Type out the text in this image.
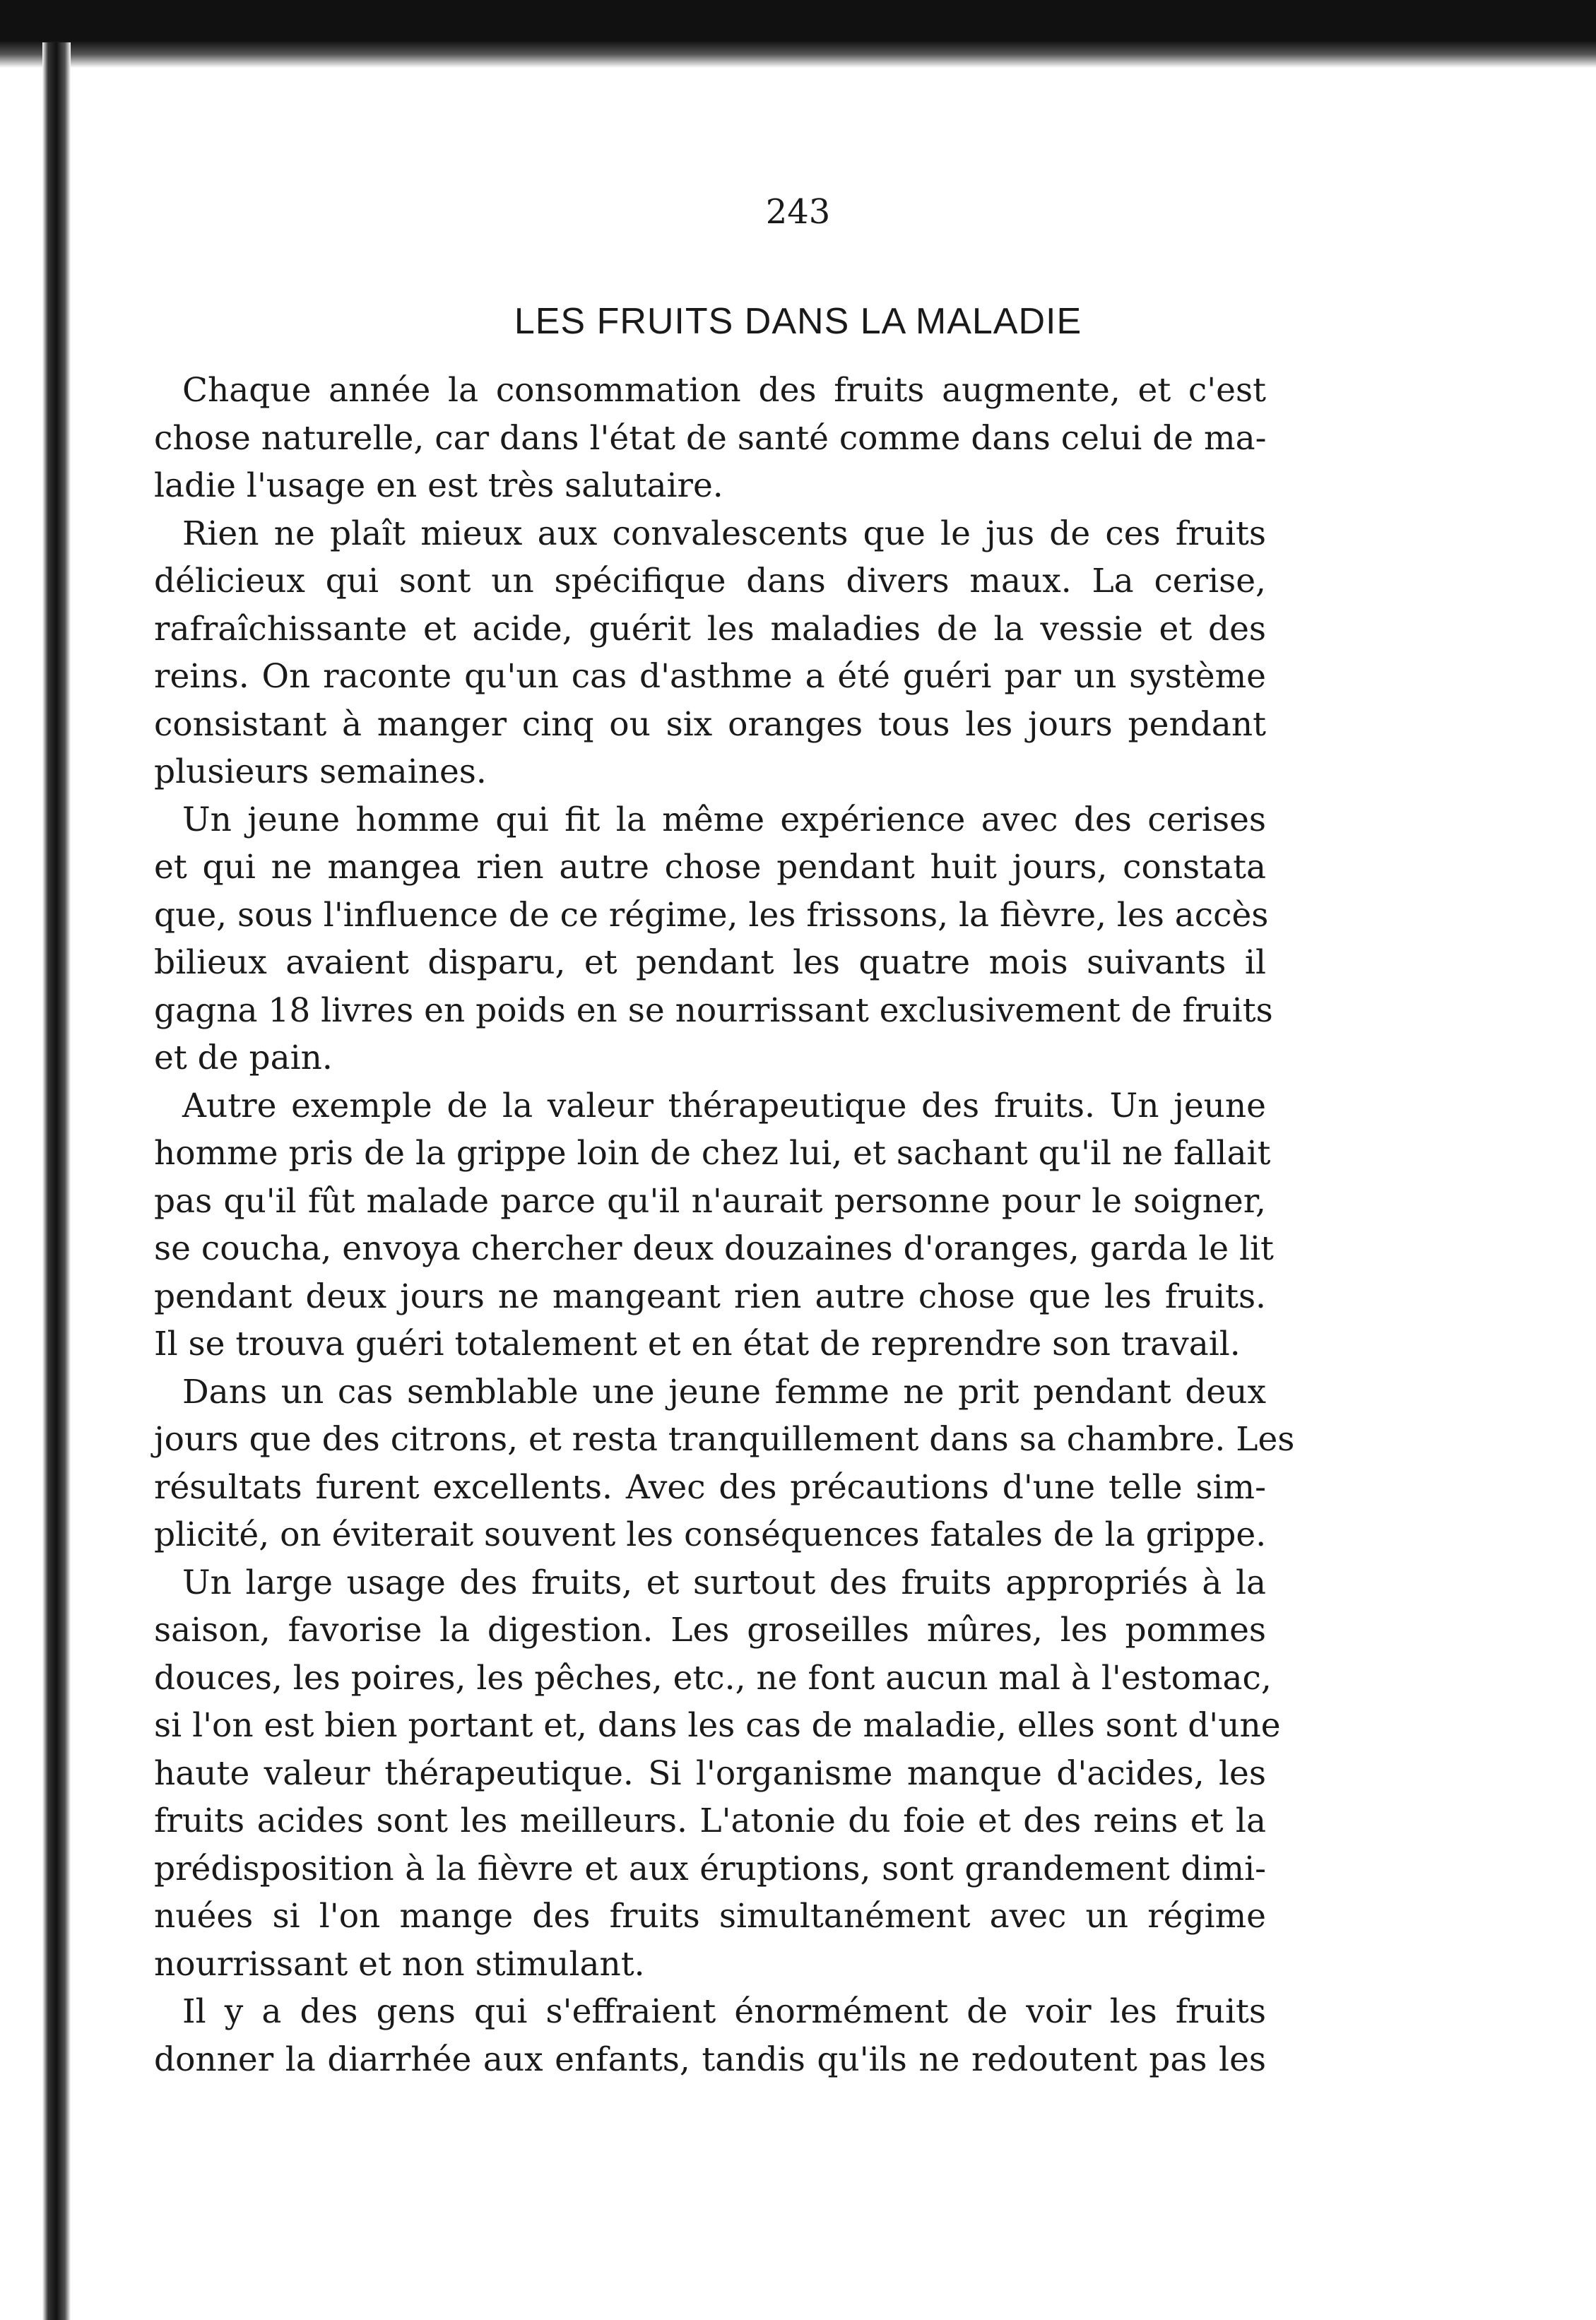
243
LES FRUITS DANS LA MALADIE
Chaque année la consommation des fruits augmente, et c'est
chose naturelle, car dans l'état de santé comme dans celui de ma-
ladie l'usage en est très salutaire.
Rien ne plaît mieux aux convalescents que le jus de ces fruits
délicieux qui sont un spécifique dans divers maux. La cerise,
rafraîchissante et acide, guérit les maladies de la vessie et des
reins. On raconte qu'un cas d'asthme a été guéri par un système
consistant à manger cinq ou six oranges tous les jours pendant
plusieurs semaines.
Un jeune homme qui fit la même expérience avec des cerises
et qui ne mangea rien autre chose pendant huit jours, constata
que, sous l'influence de ce régime, les frissons, la fièvre, les accès
bilieux avaient disparu, et pendant les quatre mois suivants il
gagna 18 livres en poids en se nourrissant exclusivement de fruits
et de pain.
Autre exemple de la valeur thérapeutique des fruits. Un jeune
homme pris de la grippe loin de chez lui, et sachant qu'il ne fallait
pas qu'il fût malade parce qu'il n'aurait personne pour le soigner,
se coucha, envoya chercher deux douzaines d'oranges, garda le lit
pendant deux jours ne mangeant rien autre chose que les fruits.
Il se trouva guéri totalement et en état de reprendre son travail.
Dans un cas semblable une jeune femme ne prit pendant deux
jours que des citrons, et resta tranquillement dans sa chambre. Les
résultats furent excellents. Avec des précautions d'une telle sim-
plicité, on éviterait souvent les conséquences fatales de la grippe.
Un large usage des fruits, et surtout des fruits appropriés à la
saison, favorise la digestion. Les groseilles mûres, les pommes
douces, les poires, les pêches, etc., ne font aucun mal à l'estomac,
si l'on est bien portant et, dans les cas de maladie, elles sont d'une
haute valeur thérapeutique. Si l'organisme manque d'acides, les
fruits acides sont les meilleurs. L'atonie du foie et des reins et la
prédisposition à la fièvre et aux éruptions, sont grandement dimi-
nuées si l'on mange des fruits simultanément avec un régime
nourrissant et non stimulant.
Il y a des gens qui s'effraient énormément de voir les fruits
donner la diarrhée aux enfants, tandis qu'ils ne redoutent pas les
